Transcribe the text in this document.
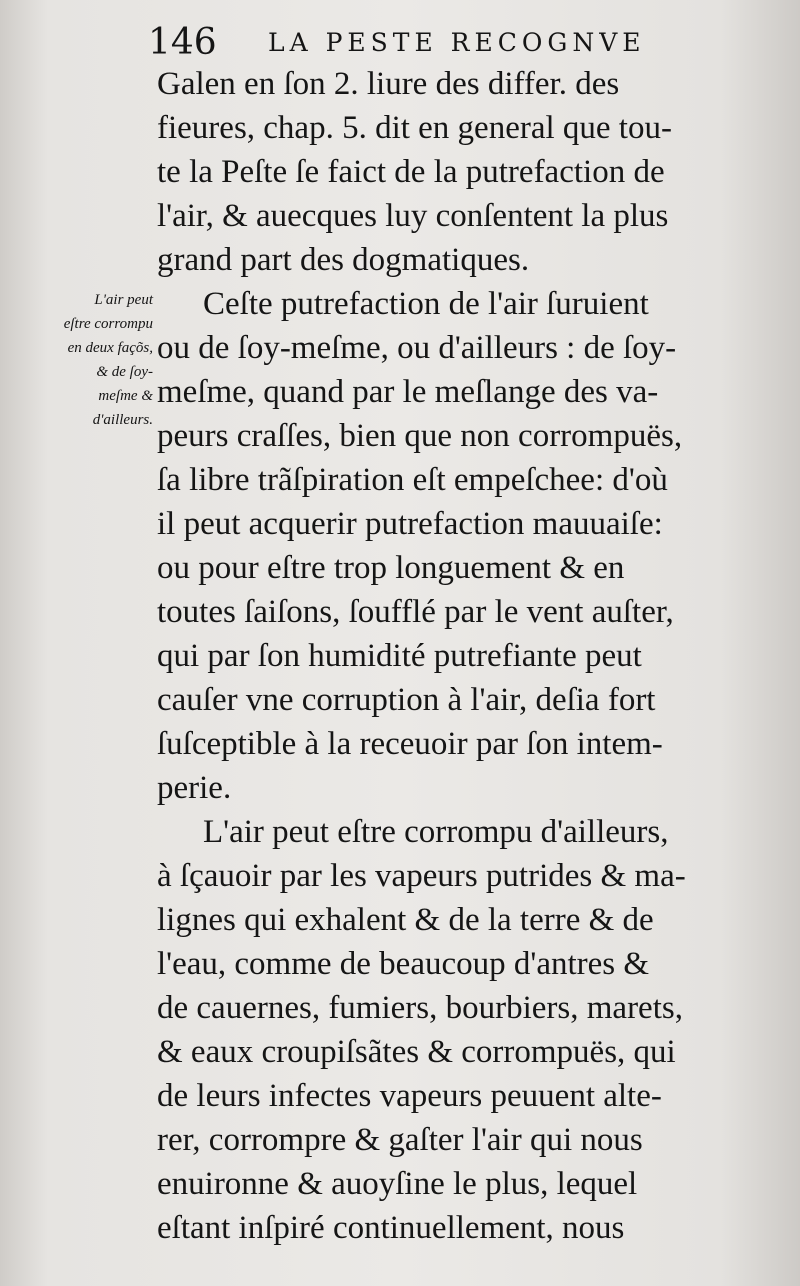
146 LA PESTE RECOGNVE
L'air peut
eſtre corrompu
en deux façõs,
& de ſoy-
meſme &
d'ailleurs.
Galen en ſon 2. liure des differ. des
fieures, chap. 5. dit en general que tou-
te la Peſte ſe faict de la putrefaction de
l'air, & auecques luy conſentent la plus
grand part des dogmatiques.
Ceſte putrefaction de l'air ſuruient
ou de ſoy-meſme, ou d'ailleurs : de ſoy-
meſme, quand par le meſlange des va-
peurs craſſes, bien que non corrompuës,
ſa libre trãſpiration eſt empeſchee: d'où
il peut acquerir putrefaction mauuaiſe:
ou pour eſtre trop longuement & en
toutes ſaiſons, ſoufflé par le vent auſter,
qui par ſon humidité putrefiante peut
cauſer vne corruption à l'air, deſia fort
ſuſceptible à la receuoir par ſon intem-
perie.
L'air peut eſtre corrompu d'ailleurs,
à ſçauoir par les vapeurs putrides & ma-
lignes qui exhalent & de la terre & de
l'eau, comme de beaucoup d'antres &
de cauernes, fumiers, bourbiers, marets,
& eaux croupiſsãtes & corrompuës, qui
de leurs infectes vapeurs peuuent alte-
rer, corrompre & gaſter l'air qui nous
enuironne & auoyſine le plus, lequel
eſtant inſpiré continuellement, nous
